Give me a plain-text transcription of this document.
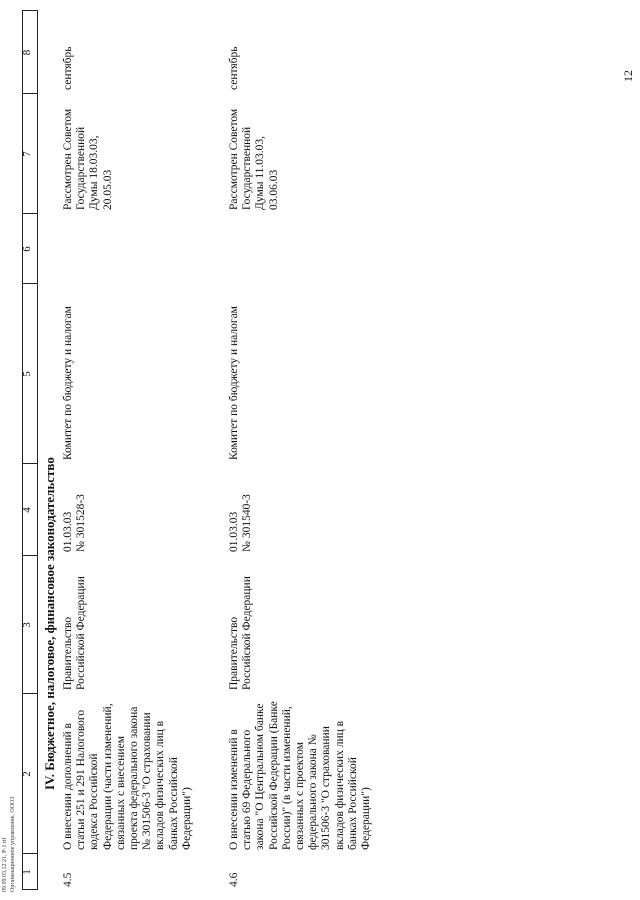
1
2
3
4
5
6
7
8
IV. Бюджетное, налоговое, финансовое законодательство
4.5
О внесении дополнений в статьи 251 и 291 Налогового кодекса Российской Федерации (части изменений, связанных с внесением проекта федерального закона № 301506-3 "О страховании вкладов физических лиц в банках Российской Федерации")
Правительство Российской Федерации
01.03.03 № 301528-3
Комитет по бюджету и налогам
Рассмотрен Советом Государственной Думы 18.03.03, 20.05.03
сентябрь
4.6
О внесении изменений в статью 69 Федерального закона "О Центральном банке Российской Федерации (Банке России)" (в части изменений, связанных с проектом федерального закона № 301506-3 "О страховании вкладов физических лиц в банках Российской Федерации")
Правительство Российской Федерации
01.03.03 № 301540-3
Комитет по бюджету и налогам
Рассмотрен Советом Государственной Думы 11.03.03, 03.06.03
сентябрь	12
09 09 03,12 21, Р-1 rtf Организационное управление, ООО3
